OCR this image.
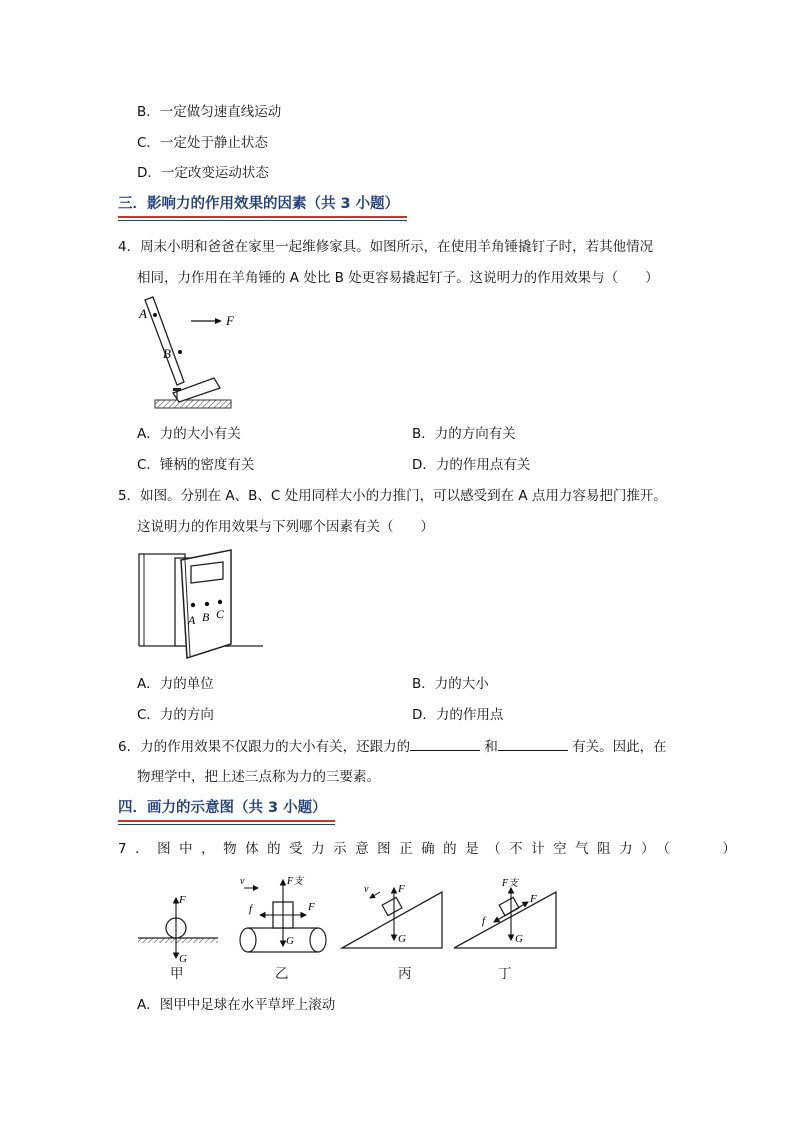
B．一定做匀速直线运动
C．一定处于静止状态
D．一定改变运动状态
三．影响力的作用效果的因素（共 3 小题）
4．周末小明和爸爸在家里一起维修家具。如图所示，在使用羊角锤撬钉子时，若其他情况
相同，力作用在羊角锤的 A 处比 B 处更容易撬起钉子。这说明力的作用效果与（　　）
A
B
F
A．力的大小有关	B．力的方向有关
C．锤柄的密度有关	D．力的作用点有关
5．如图。分别在 A、B、C 处用同样大小的力推门，可以感受到在 A 点用力容易把门推开。
这说明力的作用效果与下列哪个因素有关（　　）
A B C
A．力的单位	B．力的大小
C．力的方向	D．力的作用点
6．力的作用效果不仅跟力的大小有关，还跟力的	和	有关。因此，在
物理学中，把上述三点称为力的三要素。
四．画力的示意图（共 3 小题）
7．图中，物体的受力示意图正确的是（不计空气阻力）（　　）
F
G
v	F支
f	F
G
v	F
G
F支
F
f
G
甲	乙	丙	丁
A．图甲中足球在水平草坪上滚动
